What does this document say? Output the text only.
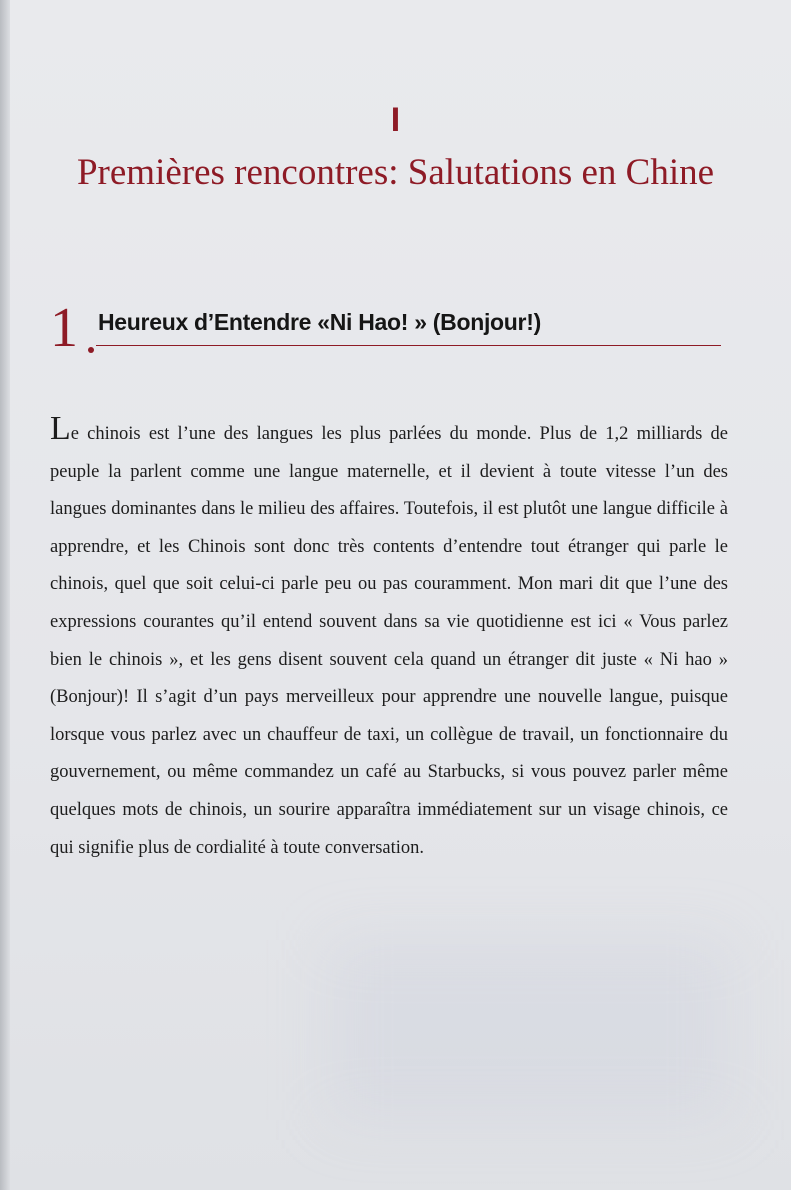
I
Premières rencontres: Salutations en Chine
1 Heureux d’Entendre «Ni Hao! » (Bonjour!)

Le chinois est l’une des langues les plus parlées du monde. Plus de 1,2 milliards de peuple la parlent comme une langue maternelle, et il devient à toute vitesse l’un des langues dominantes dans le milieu des affaires. Toutefois, il est plutôt une langue difficile à apprendre, et les Chinois sont donc très contents d’entendre tout étranger qui parle le chinois, quel que soit celui-ci parle peu ou pas couramment. Mon mari dit que l’une des expressions courantes qu’il entend souvent dans sa vie quotidienne est ici « Vous parlez bien le chinois », et les gens disent souvent cela quand un étranger dit juste « Ni hao » (Bonjour)! Il s’agit d’un pays merveilleux pour apprendre une nouvelle langue, puisque lorsque vous parlez avec un chauffeur de taxi, un collègue de travail, un fonctionnaire du gouvernement, ou même commandez un café au Starbucks, si vous pouvez parler même quelques mots de chinois, un sourire apparaîtra immédiatement sur un visage chinois, ce qui signifie plus de cordialité à toute conversation.
